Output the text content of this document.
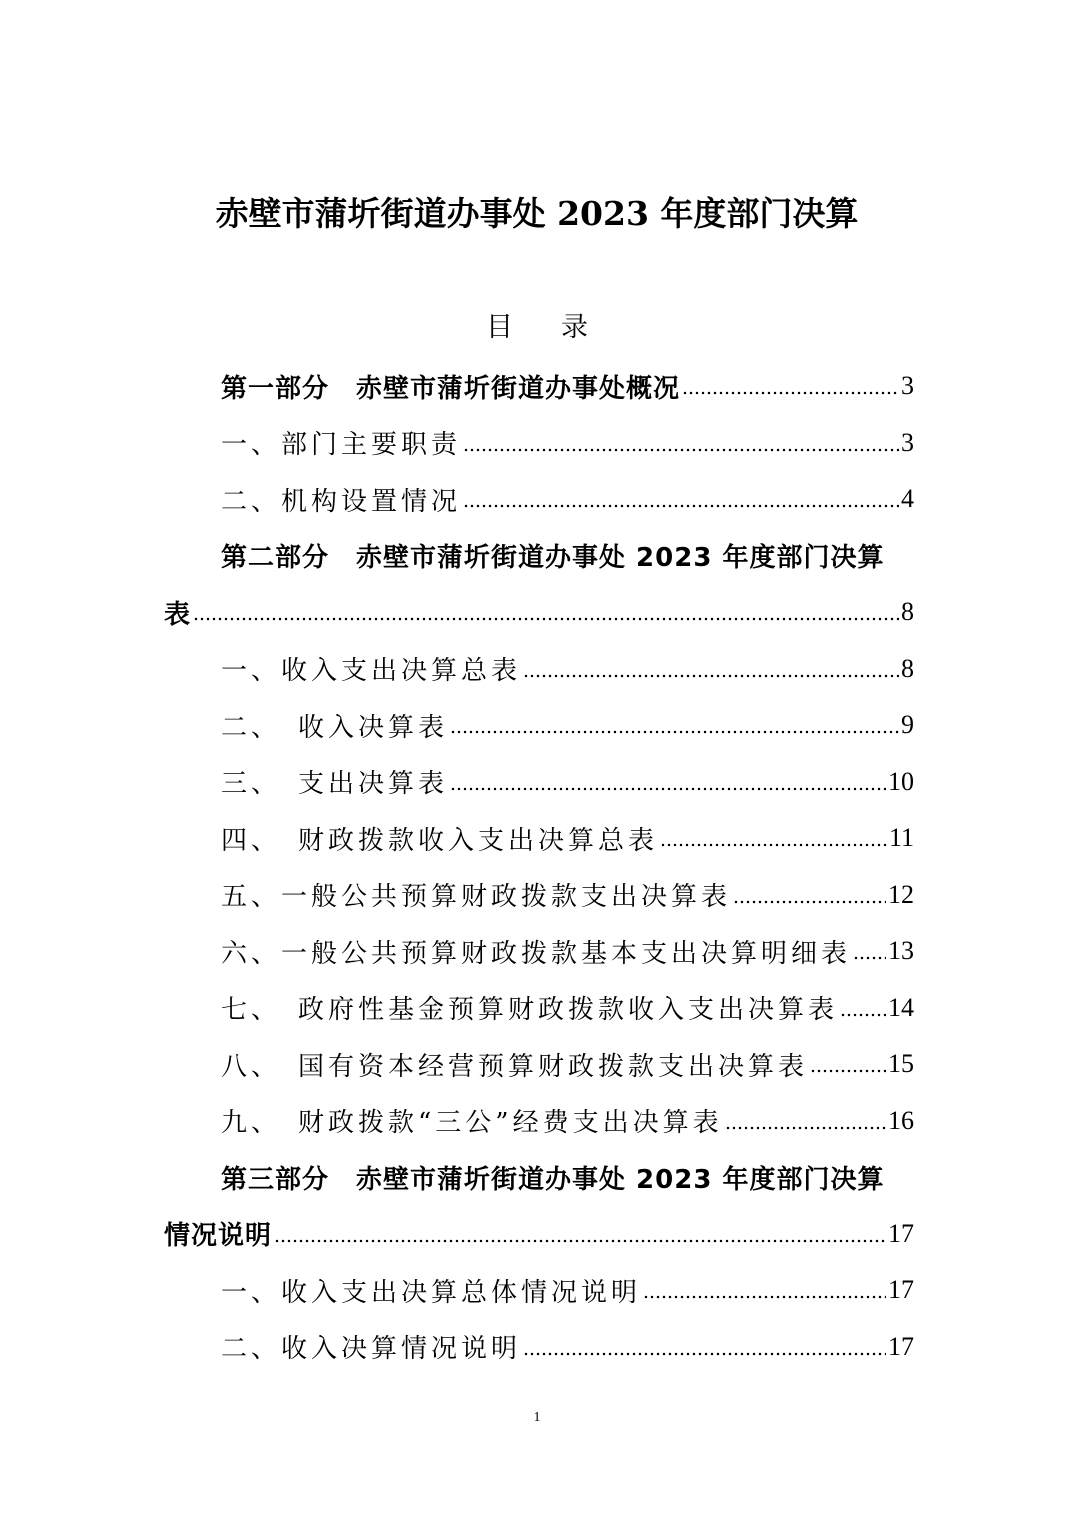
赤壁市蒲圻街道办事处 2023 年度部门决算
目录
第一部分　赤壁市蒲圻街道办事处概况	3
一、部门主要职责	3
二、机构设置情况	4
第二部分　赤壁市蒲圻街道办事处 2023 年度部门决算
表	8
一、收入支出决算总表	8
二、　收入决算表	9
三、　支出决算表	10
四、　财政拨款收入支出决算总表	11
五、一般公共预算财政拨款支出决算表	12
六、一般公共预算财政拨款基本支出决算明细表 13
七、　政府性基金预算财政拨款收入支出决算表 14
八、　国有资本经营预算财政拨款支出决算表	15
九、　财政拨款“三公”经费支出决算表	16
第三部分　赤壁市蒲圻街道办事处 2023 年度部门决算
情况说明	17
一、收入支出决算总体情况说明	17
二、收入决算情况说明	17
1
